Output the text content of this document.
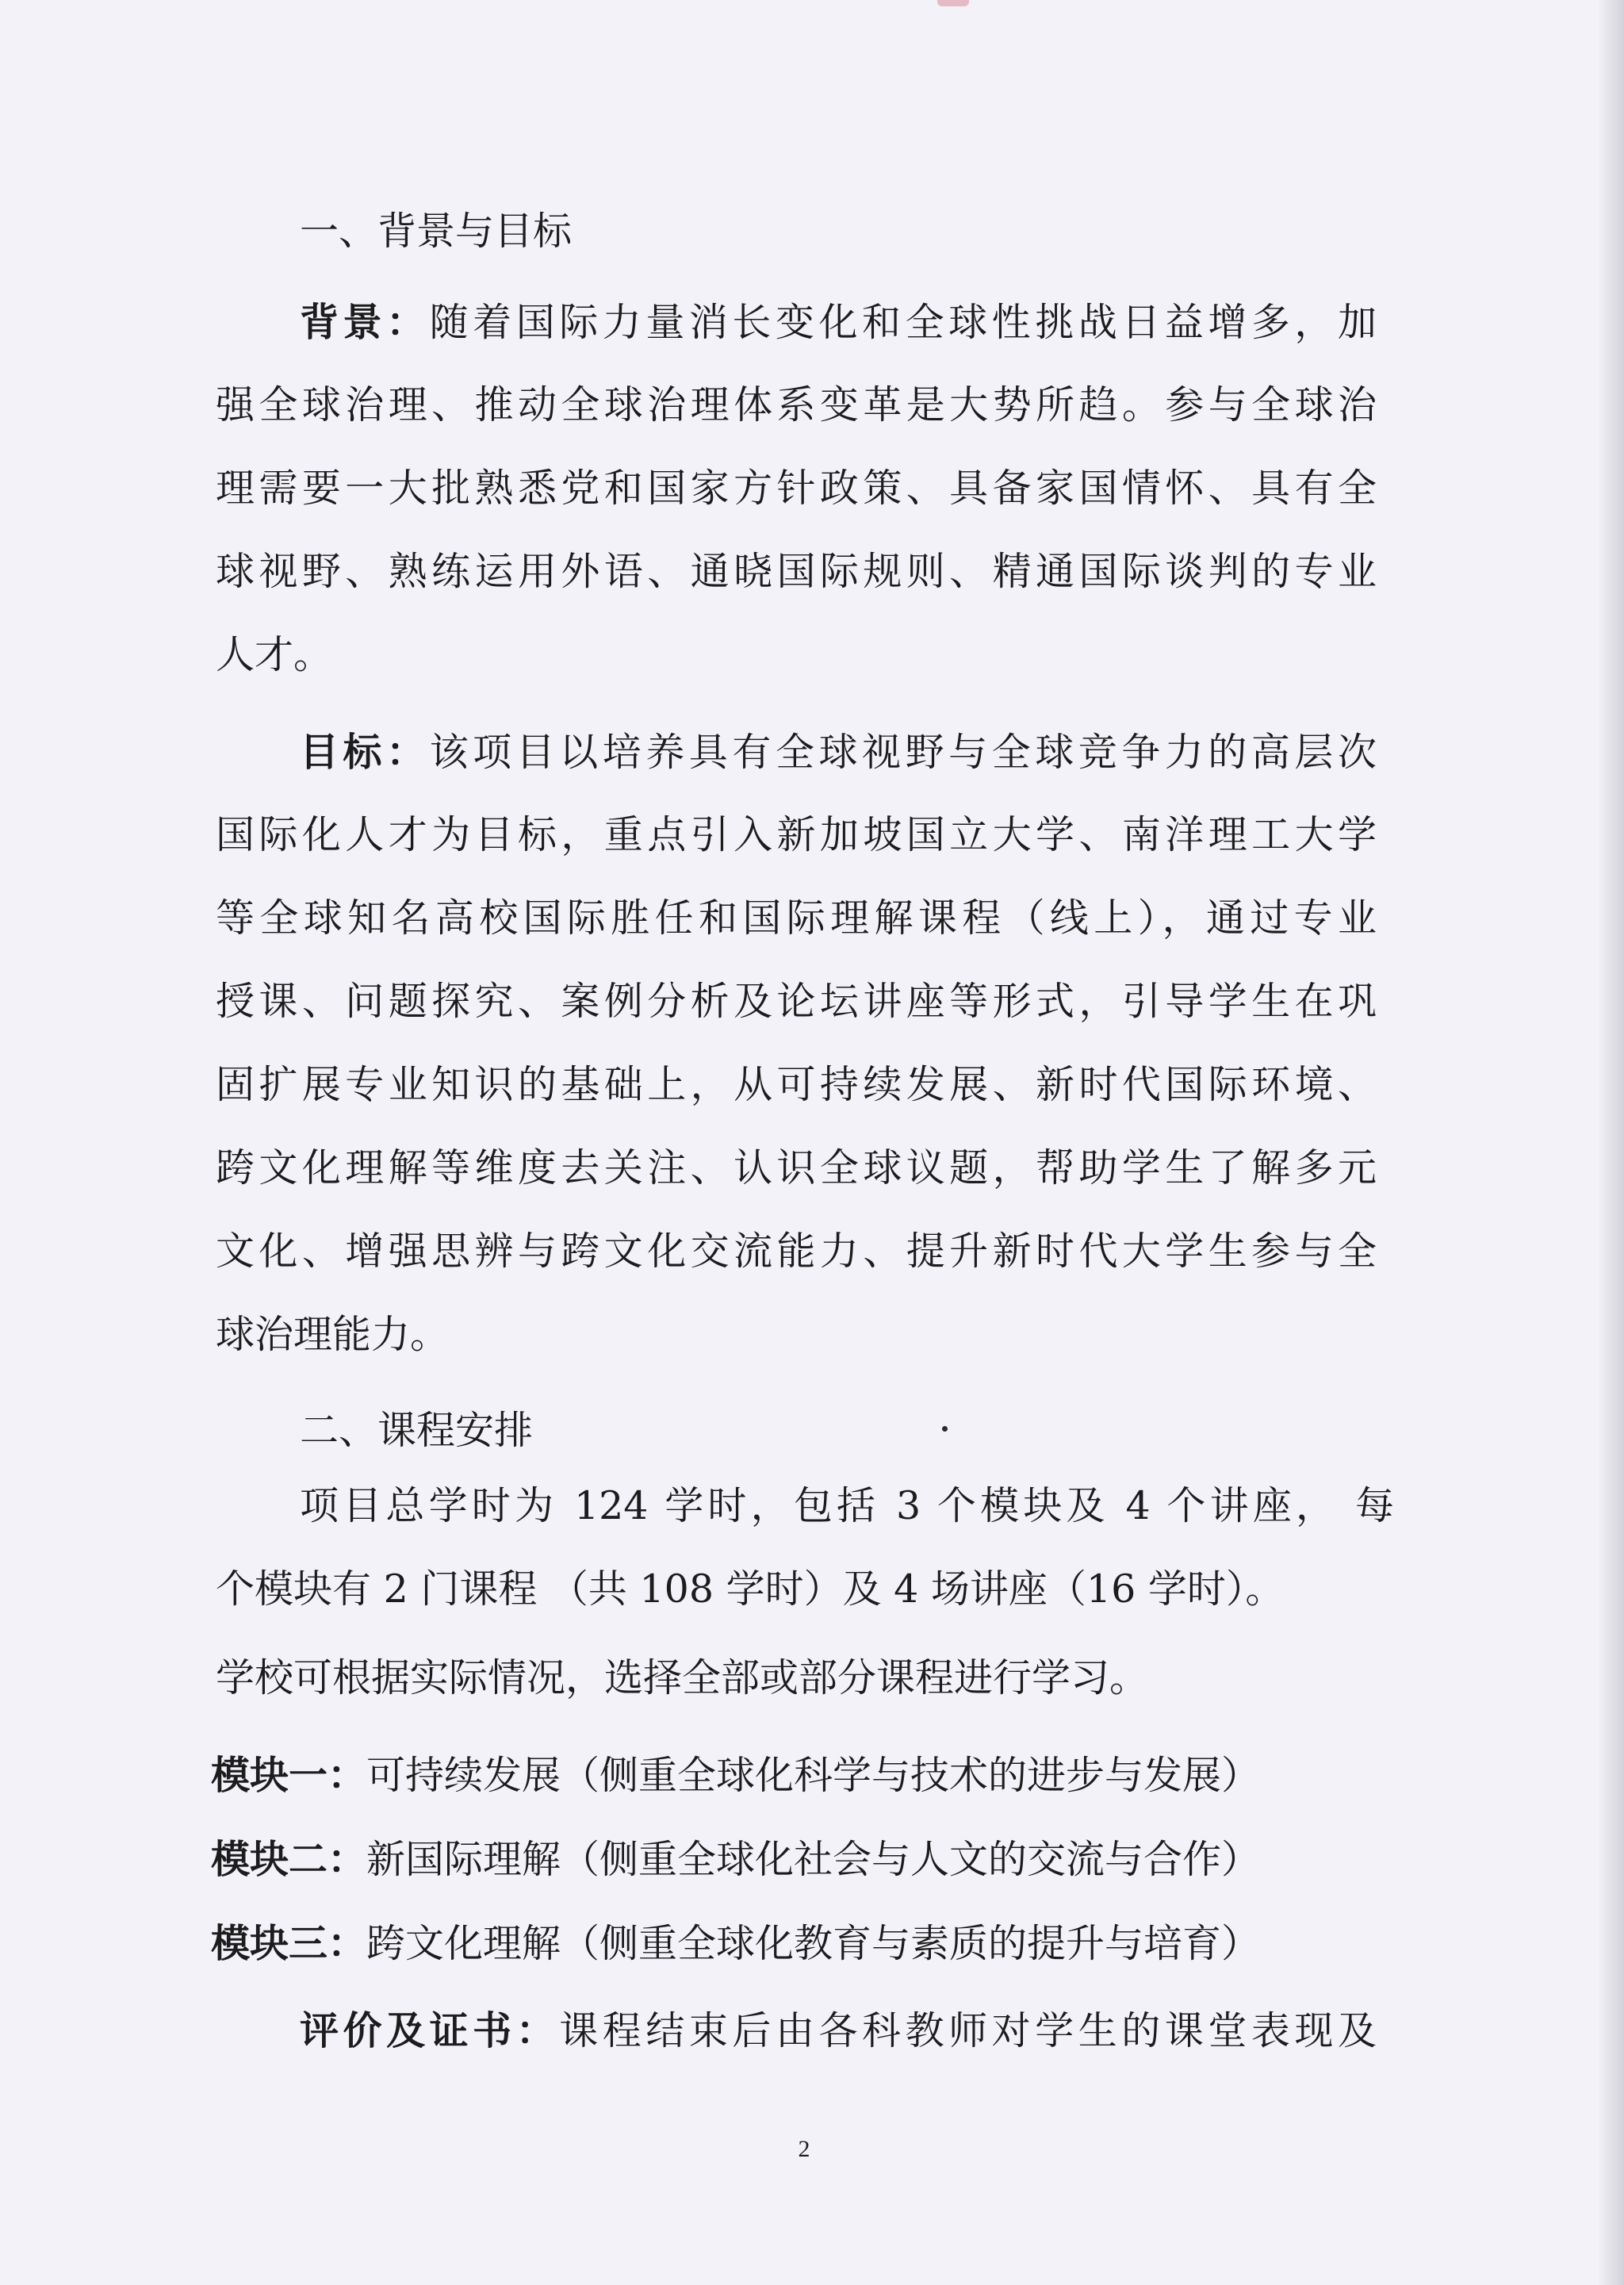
一、背景与目标
背景：随着国际力量消长变化和全球性挑战日益增多，加
强全球治理、推动全球治理体系变革是大势所趋。参与全球治
理需要一大批熟悉党和国家方针政策、具备家国情怀、具有全
球视野、熟练运用外语、通晓国际规则、精通国际谈判的专业
人才。
目标：该项目以培养具有全球视野与全球竞争力的高层次
国际化人才为目标，重点引入新加坡国立大学、南洋理工大学
等全球知名高校国际胜任和国际理解课程（线上），通过专业
授课、问题探究、案例分析及论坛讲座等形式，引导学生在巩
固扩展专业知识的基础上，从可持续发展、新时代国际环境、
跨文化理解等维度去关注、认识全球议题，帮助学生了解多元
文化、增强思辨与跨文化交流能力、提升新时代大学生参与全
球治理能力。
二、课程安排
项目总学时为 124 学时，包括 3 个模块及 4 个讲座， 每
个模块有 2 门课程 （共 108 学时）及 4 场讲座（16 学时）。
学校可根据实际情况，选择全部或部分课程进行学习。
模块一：可持续发展（侧重全球化科学与技术的进步与发展）
模块二：新国际理解（侧重全球化社会与人文的交流与合作）
模块三：跨文化理解（侧重全球化教育与素质的提升与培育）
评价及证书：课程结束后由各科教师对学生的课堂表现及
2
